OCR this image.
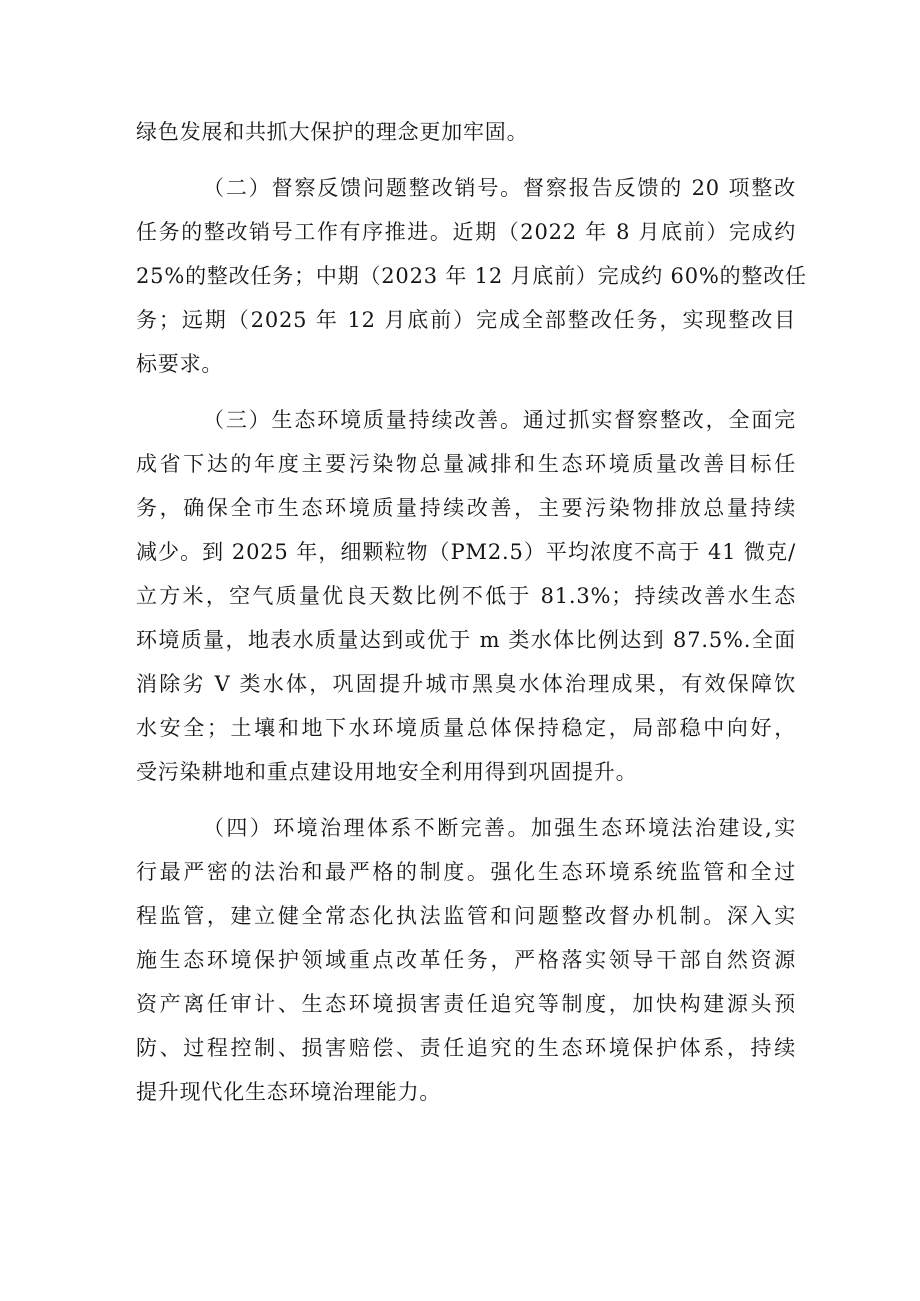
绿色发展和共抓大保护的理念更加牢固。
（二）督察反馈问题整改销号。督察报告反馈的 20 项整改
任务的整改销号工作有序推进。近期（2022 年 8 月底前）完成约
25%的整改任务；中期（2023 年 12 月底前）完成约 60%的整改任
务；远期（2025 年 12 月底前）完成全部整改任务，实现整改目
标要求。
（三）生态环境质量持续改善。通过抓实督察整改，全面完
成省下达的年度主要污染物总量减排和生态环境质量改善目标任
务，确保全市生态环境质量持续改善，主要污染物排放总量持续
减少。到 2025 年，细颗粒物（PM2.5）平均浓度不高于 41 微克/
立方米，空气质量优良天数比例不低于 81.3%；持续改善水生态
环境质量，地表水质量达到或优于 m 类水体比例达到 87.5%.全面
消除劣 V 类水体，巩固提升城市黑臭水体治理成果，有效保障饮
水安全；土壤和地下水环境质量总体保持稳定，局部稳中向好，
受污染耕地和重点建设用地安全利用得到巩固提升。
（四）环境治理体系不断完善。加强生态环境法治建设,实
行最严密的法治和最严格的制度。强化生态环境系统监管和全过
程监管，建立健全常态化执法监管和问题整改督办机制。深入实
施生态环境保护领域重点改革任务，严格落实领导干部自然资源
资产离任审计、生态环境损害责任追究等制度，加快构建源头预
防、过程控制、损害赔偿、责任追究的生态环境保护体系，持续
提升现代化生态环境治理能力。
